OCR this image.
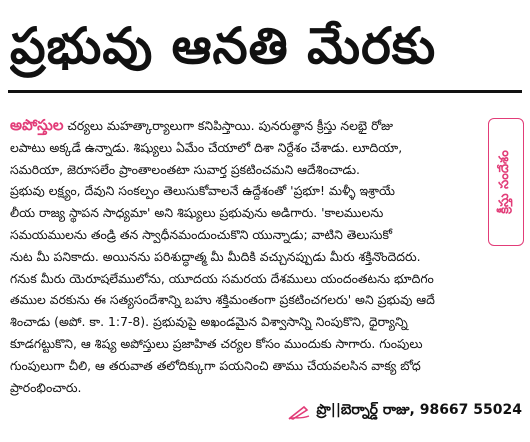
ప్రభువు ఆనతి మేరకు
అపోస్తుల చర్యలు మహత్కార్యాలుగా కనిపిస్తాయి. పునరుత్థాన క్రీస్తు నలభై రోజు
లపాటు అక్కడే ఉన్నాడు. శిష్యులు ఏమేం చేయాలో దిశా నిర్దేశం చేశాడు. లూదియా,
సమరియా, జెరూసలేం ప్రాంతాలంతటా సువార్త ప్రకటించమని ఆదేశించాడు.
ప్రభువు లక్ష్యం, దేవుని సంకల్పం తెలుసుకోవాలనే ఉద్దేశంతో 'ప్రభూ! మళ్ళీ ఇశ్రాయే
లీయ రాజ్య స్థాపన సాధ్యమా' అని శిష్యులు ప్రభువును అడిగారు. 'కాలములను
సమయములను తండ్రి తన స్వాధీనమందుంచుకొని యున్నాడు; వాటిని తెలుసుకో
నుట మీ పనికాదు. అయినను పరిశుద్ధాత్మ మీ మీదికి వచ్చునప్పుడు మీరు శక్తినొందెదరు.
గనుక మీరు యెరూషలేములోను, యూదయ సమరయ దేశములు యందంతటను భూదిగం
తముల వరకును ఈ సత్యసందేశాన్ని బహు శక్తిమంతంగా ప్రకటించగలరు' అని ప్రభువు ఆదే
శించాడు (అపో. కా. 1:7-8). ప్రభువుపై అఖండమైన విశ్వాసాన్ని నింపుకొని, ధైర్యాన్ని
కూడగట్టుకొని, ఆ శిష్య అపోస్తులు ప్రజాహిత చర్యల కోసం ముందుకు సాగారు. గుంపులు
గుంపులుగా చీలి, ఆ తరువాత తలోదిక్కుగా పయనించి తాము చేయవలసిన వాక్య బోధ
ప్రారంభించారు.
క్రీస్తు సందేశం
ప్రొ||బెర్నార్డ్ రాజు, 98667 55024
